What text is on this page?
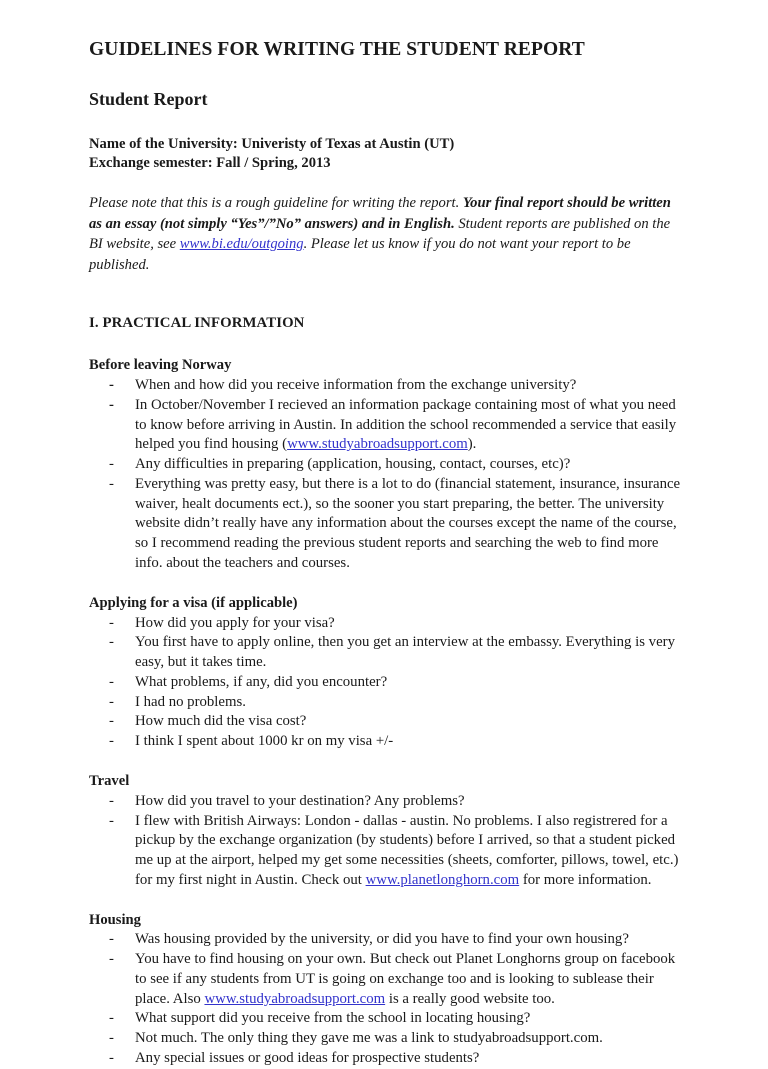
GUIDELINES FOR WRITING THE STUDENT REPORT
Student Report
Name of the University: Univeristy of Texas at Austin (UT)
Exchange semester: Fall / Spring, 2013

Please note that this is a rough guideline for writing the report. Your final report should be written as an essay (not simply “Yes”/”No” answers) and in English. Student reports are published on the BI website, see www.bi.edu/outgoing. Please let us know if you do not want your report to be published.

I. PRACTICAL INFORMATION
Before leaving Norway
- When and how did you receive information from the exchange university?
- In October/November I recieved an information package containing most of what you need to know before arriving in Austin. In addition the school recommended a service that easily helped you find housing (www.studyabroadsupport.com).
- Any difficulties in preparing (application, housing, contact, courses, etc)?
- Everything was pretty easy, but there is a lot to do (financial statement, insurance, insurance waiver, healt documents ect.), so the sooner you start preparing, the better. The university website didn’t really have any information about the courses except the name of the course, so I recommend reading the previous student reports and searching the web to find more info. about the teachers and courses.
Applying for a visa (if applicable)
- How did you apply for your visa?
- You first have to apply online, then you get an interview at the embassy. Everything is very easy, but it takes time.
- What problems, if any, did you encounter?
- I had no problems.
- How much did the visa cost?
- I think I spent about 1000 kr on my visa +/-
Travel
- How did you travel to your destination? Any problems?
- I flew with British Airways: London - dallas - austin. No problems. I also registrered for a pickup by the exchange organization (by students) before I arrived, so that a student picked me up at the airport, helped my get some necessities (sheets, comforter, pillows, towel, etc.) for my first night in Austin. Check out www.planetlonghorn.com for more information.
Housing
- Was housing provided by the university, or did you have to find your own housing?
- You have to find housing on your own. But check out Planet Longhorns group on facebook to see if any students from UT is going on exchange too and is looking to sublease their place. Also www.studyabroadsupport.com is a really good website too.
- What support did you receive from the school in locating housing?
- Not much. The only thing they gave me was a link to studyabroadsupport.com.
- Any special issues or good ideas for prospective students?
